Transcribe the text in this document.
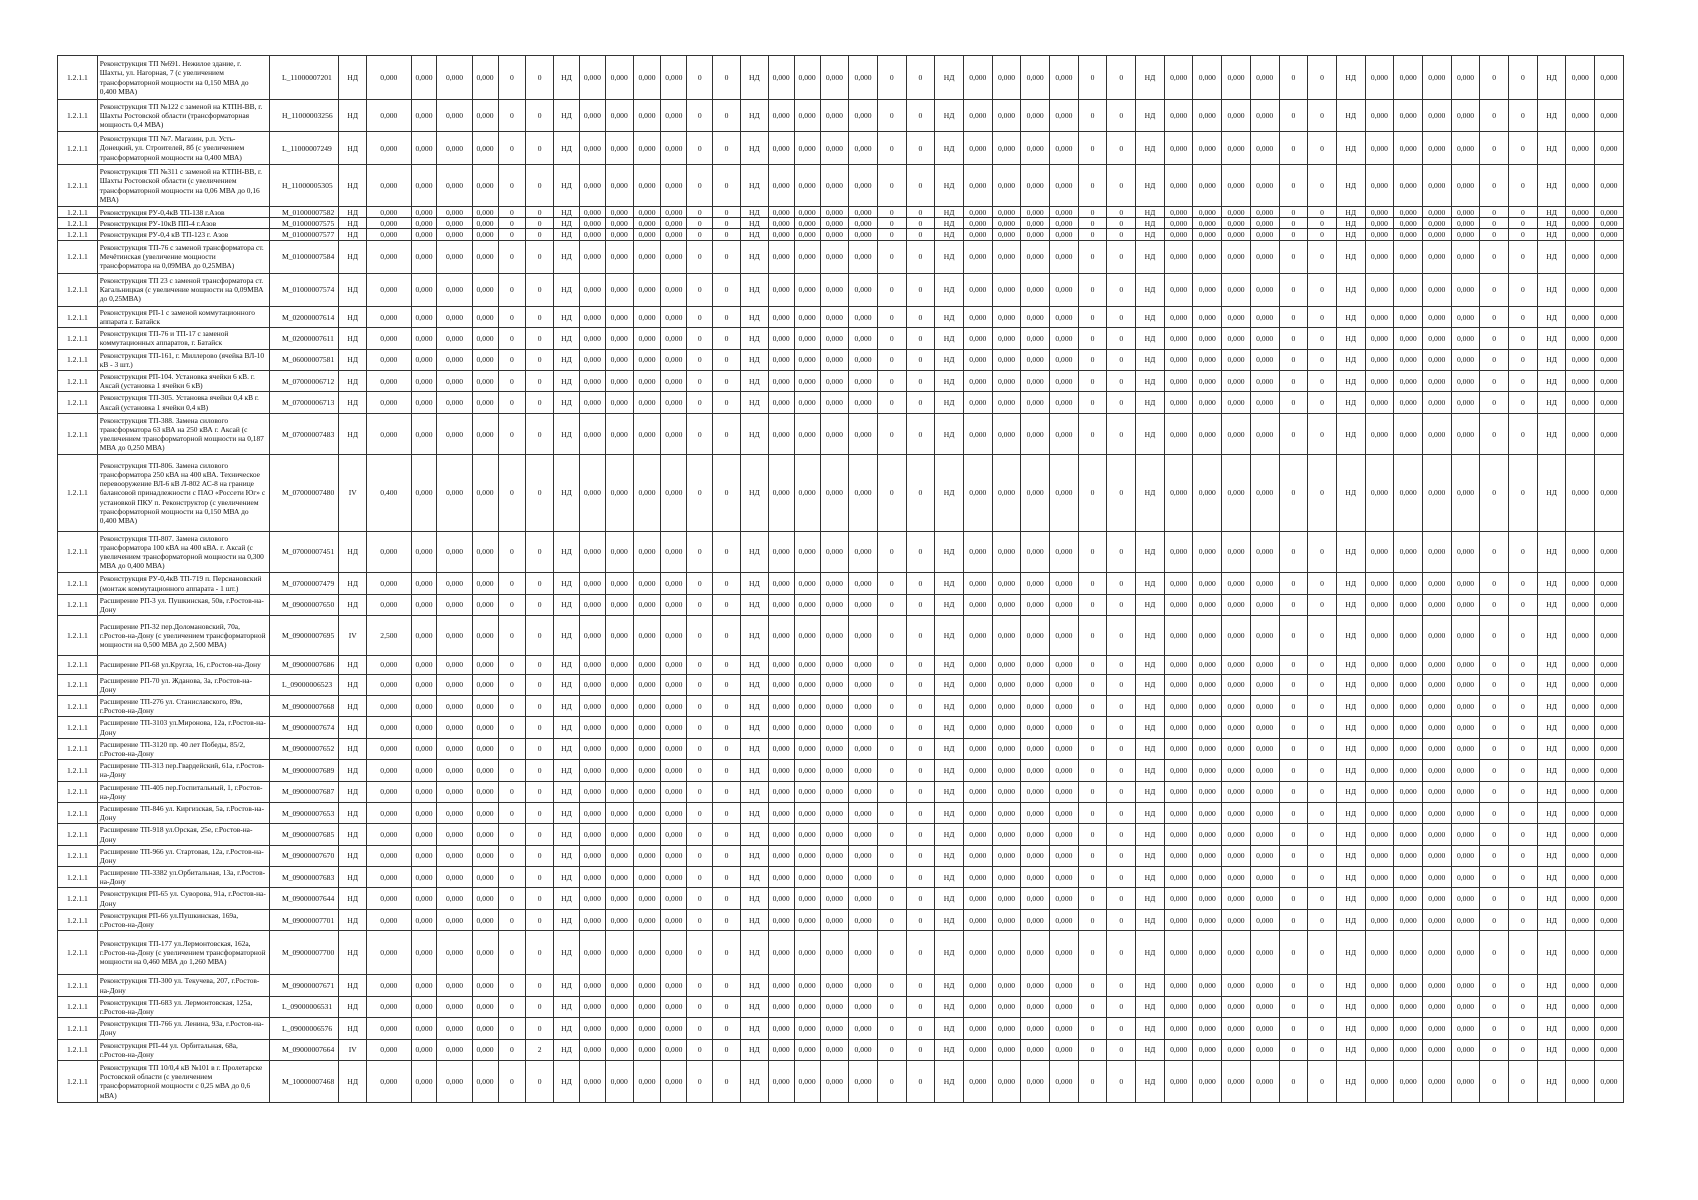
1.2.1.1	Реконструкция ТП №691. Нежилое здание, г. Шахты, ул. Нагорная, 7 (с увеличением трансформаторной мощности на 0,150 МВА до 0,400 МВА)	L_11000007201	НД	0,000	0,000	0,000	0,000	0	0	НД	0,000	0,000	0,000	0,000	0	0	НД	0,000	0,000	0,000	0,000	0	0	НД	0,000	0,000	0,000	0,000	0	0	НД	0,000	0,000	0,000	0,000	0	0	НД	0,000	0,000	0,000	0,000	0	0	НД	0,000	0,000
1.2.1.1	Реконструкция ТП №122 с заменой на КТПН-ВВ, г. Шахты Ростовской области (трансформаторная мощность 0,4 МВА)	H_11000003256	НД	0,000	0,000	0,000	0,000	0	0	НД	0,000	0,000	0,000	0,000	0	0	НД	0,000	0,000	0,000	0,000	0	0	НД	0,000	0,000	0,000	0,000	0	0	НД	0,000	0,000	0,000	0,000	0	0	НД	0,000	0,000	0,000	0,000	0	0	НД	0,000	0,000
1.2.1.1	Реконструкция ТП №7. Магазин, р.п. Усть-Донецкий, ул. Строителей, 8б (с увеличением трансформаторной мощности на 0,400 МВА)	L_11000007249	НД	0,000	0,000	0,000	0,000	0	0	НД	0,000	0,000	0,000	0,000	0	0	НД	0,000	0,000	0,000	0,000	0	0	НД	0,000	0,000	0,000	0,000	0	0	НД	0,000	0,000	0,000	0,000	0	0	НД	0,000	0,000	0,000	0,000	0	0	НД	0,000	0,000
1.2.1.1	Реконструкция ТП №311 с заменой на КТПН-ВВ, г. Шахты Ростовской области (с увеличением трансформаторной мощности на 0,06 МВА до 0,16 МВА)	H_11000005305	НД	0,000	0,000	0,000	0,000	0	0	НД	0,000	0,000	0,000	0,000	0	0	НД	0,000	0,000	0,000	0,000	0	0	НД	0,000	0,000	0,000	0,000	0	0	НД	0,000	0,000	0,000	0,000	0	0	НД	0,000	0,000	0,000	0,000	0	0	НД	0,000	0,000
1.2.1.1	Реконструкция РУ-0,4кВ ТП-138 г.Азов	M_01000007582	НД	0,000	0,000	0,000	0,000	0	0	НД	0,000	0,000	0,000	0,000	0	0	НД	0,000	0,000	0,000	0,000	0	0	НД	0,000	0,000	0,000	0,000	0	0	НД	0,000	0,000	0,000	0,000	0	0	НД	0,000	0,000	0,000	0,000	0	0	НД	0,000	0,000
1.2.1.1	Реконструкция РУ-10кВ ПП-4 г.Азов	M_01000007575	НД	0,000	0,000	0,000	0,000	0	0	НД	0,000	0,000	0,000	0,000	0	0	НД	0,000	0,000	0,000	0,000	0	0	НД	0,000	0,000	0,000	0,000	0	0	НД	0,000	0,000	0,000	0,000	0	0	НД	0,000	0,000	0,000	0,000	0	0	НД	0,000	0,000
1.2.1.1	Реконструкция РУ-0,4 кВ ТП-123 г. Азов	M_01000007577	НД	0,000	0,000	0,000	0,000	0	0	НД	0,000	0,000	0,000	0,000	0	0	НД	0,000	0,000	0,000	0,000	0	0	НД	0,000	0,000	0,000	0,000	0	0	НД	0,000	0,000	0,000	0,000	0	0	НД	0,000	0,000	0,000	0,000	0	0	НД	0,000	0,000
1.2.1.1	Реконструкция ТП-76 с заменой трансформатора ст. Мечётинская (увеличение мощности трансформатора на 0,09МВА до 0,25МВА)	M_01000007584	НД	0,000	0,000	0,000	0,000	0	0	НД	0,000	0,000	0,000	0,000	0	0	НД	0,000	0,000	0,000	0,000	0	0	НД	0,000	0,000	0,000	0,000	0	0	НД	0,000	0,000	0,000	0,000	0	0	НД	0,000	0,000	0,000	0,000	0	0	НД	0,000	0,000
1.2.1.1	Реконструкция ТП 23 с заменой трансформатора ст. Кагальницкая (с увеличение мощности на 0,09МВА до 0,25МВА)	M_01000007574	НД	0,000	0,000	0,000	0,000	0	0	НД	0,000	0,000	0,000	0,000	0	0	НД	0,000	0,000	0,000	0,000	0	0	НД	0,000	0,000	0,000	0,000	0	0	НД	0,000	0,000	0,000	0,000	0	0	НД	0,000	0,000	0,000	0,000	0	0	НД	0,000	0,000
1.2.1.1	Реконструкция РП-1 с заменой коммутационного аппарата г. Батайск	M_02000007614	НД	0,000	0,000	0,000	0,000	0	0	НД	0,000	0,000	0,000	0,000	0	0	НД	0,000	0,000	0,000	0,000	0	0	НД	0,000	0,000	0,000	0,000	0	0	НД	0,000	0,000	0,000	0,000	0	0	НД	0,000	0,000	0,000	0,000	0	0	НД	0,000	0,000
1.2.1.1	Реконструкция ТП-76 и ТП-17 с заменой коммутационных аппаратов, г. Батайск	M_02000007611	НД	0,000	0,000	0,000	0,000	0	0	НД	0,000	0,000	0,000	0,000	0	0	НД	0,000	0,000	0,000	0,000	0	0	НД	0,000	0,000	0,000	0,000	0	0	НД	0,000	0,000	0,000	0,000	0	0	НД	0,000	0,000	0,000	0,000	0	0	НД	0,000	0,000
1.2.1.1	Реконструкция ТП-161, г. Миллерово (ячейка ВЛ-10 кВ - 3 шт.)	M_06000007581	НД	0,000	0,000	0,000	0,000	0	0	НД	0,000	0,000	0,000	0,000	0	0	НД	0,000	0,000	0,000	0,000	0	0	НД	0,000	0,000	0,000	0,000	0	0	НД	0,000	0,000	0,000	0,000	0	0	НД	0,000	0,000	0,000	0,000	0	0	НД	0,000	0,000
1.2.1.1	Реконструкция РП-104. Установка ячейки 6 кВ. г. Аксай (установка 1 ячейки 6 кВ)	M_07000006712	НД	0,000	0,000	0,000	0,000	0	0	НД	0,000	0,000	0,000	0,000	0	0	НД	0,000	0,000	0,000	0,000	0	0	НД	0,000	0,000	0,000	0,000	0	0	НД	0,000	0,000	0,000	0,000	0	0	НД	0,000	0,000	0,000	0,000	0	0	НД	0,000	0,000
1.2.1.1	Реконструкция ТП-305. Установка ячейки 0,4 кВ г. Аксай (установка 1 ячейки 0,4 кВ)	M_07000006713	НД	0,000	0,000	0,000	0,000	0	0	НД	0,000	0,000	0,000	0,000	0	0	НД	0,000	0,000	0,000	0,000	0	0	НД	0,000	0,000	0,000	0,000	0	0	НД	0,000	0,000	0,000	0,000	0	0	НД	0,000	0,000	0,000	0,000	0	0	НД	0,000	0,000
1.2.1.1	Реконструкция ТП-388. Замена силового трансформатора 63 кВА на 250 кВА г. Аксай (с увеличением трансформаторной мощности на 0,187 МВА до 0,250 МВА)	M_07000007483	НД	0,000	0,000	0,000	0,000	0	0	НД	0,000	0,000	0,000	0,000	0	0	НД	0,000	0,000	0,000	0,000	0	0	НД	0,000	0,000	0,000	0,000	0	0	НД	0,000	0,000	0,000	0,000	0	0	НД	0,000	0,000	0,000	0,000	0	0	НД	0,000	0,000
1.2.1.1	Реконструкция ТП-806. Замена силового трансформатора 250 кВА на 400 кВА. Техническое перевооружение ВЛ-6 кВ Л-802 АС-8 на границе балансовой принадлежности с ПАО «Россети Юг» с установкой ПКУ п. Реконструктор (с увеличением трансформаторной мощности на 0,150 МВА до 0,400 МВА)	M_07000007480	IV	0,400	0,000	0,000	0,000	0	0	НД	0,000	0,000	0,000	0,000	0	0	НД	0,000	0,000	0,000	0,000	0	0	НД	0,000	0,000	0,000	0,000	0	0	НД	0,000	0,000	0,000	0,000	0	0	НД	0,000	0,000	0,000	0,000	0	0	НД	0,000	0,000
1.2.1.1	Реконструкция ТП-807. Замена силового трансформатора 100 кВА на 400 кВА. г. Аксай (с увеличением трансформаторной мощности на 0,300 МВА до 0,400 МВА)	M_07000007451	НД	0,000	0,000	0,000	0,000	0	0	НД	0,000	0,000	0,000	0,000	0	0	НД	0,000	0,000	0,000	0,000	0	0	НД	0,000	0,000	0,000	0,000	0	0	НД	0,000	0,000	0,000	0,000	0	0	НД	0,000	0,000	0,000	0,000	0	0	НД	0,000	0,000
1.2.1.1	Реконструкция РУ-0,4кВ ТП-719 п. Персиановский (монтаж коммутационного аппарата - 1 шт.)	M_07000007479	НД	0,000	0,000	0,000	0,000	0	0	НД	0,000	0,000	0,000	0,000	0	0	НД	0,000	0,000	0,000	0,000	0	0	НД	0,000	0,000	0,000	0,000	0	0	НД	0,000	0,000	0,000	0,000	0	0	НД	0,000	0,000	0,000	0,000	0	0	НД	0,000	0,000
1.2.1.1	Расширение РП-3 ул. Пушкинская, 50в, г.Ростов-на-Дону	M_09000007650	НД	0,000	0,000	0,000	0,000	0	0	НД	0,000	0,000	0,000	0,000	0	0	НД	0,000	0,000	0,000	0,000	0	0	НД	0,000	0,000	0,000	0,000	0	0	НД	0,000	0,000	0,000	0,000	0	0	НД	0,000	0,000	0,000	0,000	0	0	НД	0,000	0,000
1.2.1.1	Расширение РП-32 пер.Доломановский, 70а, г.Ростов-на-Дону (с увеличением трансформаторной мощности на 0,500 МВА до 2,500 МВА)	M_09000007695	IV	2,500	0,000	0,000	0,000	0	0	НД	0,000	0,000	0,000	0,000	0	0	НД	0,000	0,000	0,000	0,000	0	0	НД	0,000	0,000	0,000	0,000	0	0	НД	0,000	0,000	0,000	0,000	0	0	НД	0,000	0,000	0,000	0,000	0	0	НД	0,000	0,000
1.2.1.1	Расширение РП-68 ул.Кругла, 16, г.Ростов-на-Дону	M_09000007686	НД	0,000	0,000	0,000	0,000	0	0	НД	0,000	0,000	0,000	0,000	0	0	НД	0,000	0,000	0,000	0,000	0	0	НД	0,000	0,000	0,000	0,000	0	0	НД	0,000	0,000	0,000	0,000	0	0	НД	0,000	0,000	0,000	0,000	0	0	НД	0,000	0,000
1.2.1.1	Расширение РП-70 ул. Жданова, 3а, г.Ростов-на-Дону	L_09000006523	НД	0,000	0,000	0,000	0,000	0	0	НД	0,000	0,000	0,000	0,000	0	0	НД	0,000	0,000	0,000	0,000	0	0	НД	0,000	0,000	0,000	0,000	0	0	НД	0,000	0,000	0,000	0,000	0	0	НД	0,000	0,000	0,000	0,000	0	0	НД	0,000	0,000
1.2.1.1	Расширение ТП-276 ул. Станиславского, 89в, г.Ростов-на-Дону	M_09000007668	НД	0,000	0,000	0,000	0,000	0	0	НД	0,000	0,000	0,000	0,000	0	0	НД	0,000	0,000	0,000	0,000	0	0	НД	0,000	0,000	0,000	0,000	0	0	НД	0,000	0,000	0,000	0,000	0	0	НД	0,000	0,000	0,000	0,000	0	0	НД	0,000	0,000
1.2.1.1	Расширение ТП-3103 ул.Миронова, 12а, г.Ростов-на-Дону	M_09000007674	НД	0,000	0,000	0,000	0,000	0	0	НД	0,000	0,000	0,000	0,000	0	0	НД	0,000	0,000	0,000	0,000	0	0	НД	0,000	0,000	0,000	0,000	0	0	НД	0,000	0,000	0,000	0,000	0	0	НД	0,000	0,000	0,000	0,000	0	0	НД	0,000	0,000
1.2.1.1	Расширение ТП-3120 пр. 40 лет Победы, 85/2, г.Ростов-на-Дону	M_09000007652	НД	0,000	0,000	0,000	0,000	0	0	НД	0,000	0,000	0,000	0,000	0	0	НД	0,000	0,000	0,000	0,000	0	0	НД	0,000	0,000	0,000	0,000	0	0	НД	0,000	0,000	0,000	0,000	0	0	НД	0,000	0,000	0,000	0,000	0	0	НД	0,000	0,000
1.2.1.1	Расширение ТП-313 пер.Гвардейский, 61а, г.Ростов-на-Дону	M_09000007689	НД	0,000	0,000	0,000	0,000	0	0	НД	0,000	0,000	0,000	0,000	0	0	НД	0,000	0,000	0,000	0,000	0	0	НД	0,000	0,000	0,000	0,000	0	0	НД	0,000	0,000	0,000	0,000	0	0	НД	0,000	0,000	0,000	0,000	0	0	НД	0,000	0,000
1.2.1.1	Расширение ТП-405 пер.Госпитальный, 1, г.Ростов-на-Дону	M_09000007687	НД	0,000	0,000	0,000	0,000	0	0	НД	0,000	0,000	0,000	0,000	0	0	НД	0,000	0,000	0,000	0,000	0	0	НД	0,000	0,000	0,000	0,000	0	0	НД	0,000	0,000	0,000	0,000	0	0	НД	0,000	0,000	0,000	0,000	0	0	НД	0,000	0,000
1.2.1.1	Расширение ТП-846 ул. Киргизская, 5а, г.Ростов-на-Дону	M_09000007653	НД	0,000	0,000	0,000	0,000	0	0	НД	0,000	0,000	0,000	0,000	0	0	НД	0,000	0,000	0,000	0,000	0	0	НД	0,000	0,000	0,000	0,000	0	0	НД	0,000	0,000	0,000	0,000	0	0	НД	0,000	0,000	0,000	0,000	0	0	НД	0,000	0,000
1.2.1.1	Расширение ТП-918 ул.Орская, 25е, г.Ростов-на-Дону	M_09000007685	НД	0,000	0,000	0,000	0,000	0	0	НД	0,000	0,000	0,000	0,000	0	0	НД	0,000	0,000	0,000	0,000	0	0	НД	0,000	0,000	0,000	0,000	0	0	НД	0,000	0,000	0,000	0,000	0	0	НД	0,000	0,000	0,000	0,000	0	0	НД	0,000	0,000
1.2.1.1	Расширение ТП-966 ул. Стартовая, 12а, г.Ростов-на-Дону	M_09000007670	НД	0,000	0,000	0,000	0,000	0	0	НД	0,000	0,000	0,000	0,000	0	0	НД	0,000	0,000	0,000	0,000	0	0	НД	0,000	0,000	0,000	0,000	0	0	НД	0,000	0,000	0,000	0,000	0	0	НД	0,000	0,000	0,000	0,000	0	0	НД	0,000	0,000
1.2.1.1	Расширение ТП-3382 ул.Орбитальная, 13а, г.Ростов-на-Дону	M_09000007683	НД	0,000	0,000	0,000	0,000	0	0	НД	0,000	0,000	0,000	0,000	0	0	НД	0,000	0,000	0,000	0,000	0	0	НД	0,000	0,000	0,000	0,000	0	0	НД	0,000	0,000	0,000	0,000	0	0	НД	0,000	0,000	0,000	0,000	0	0	НД	0,000	0,000
1.2.1.1	Реконструкция РП-65 ул. Суворова, 91а, г.Ростов-на-Дону	M_09000007644	НД	0,000	0,000	0,000	0,000	0	0	НД	0,000	0,000	0,000	0,000	0	0	НД	0,000	0,000	0,000	0,000	0	0	НД	0,000	0,000	0,000	0,000	0	0	НД	0,000	0,000	0,000	0,000	0	0	НД	0,000	0,000	0,000	0,000	0	0	НД	0,000	0,000
1.2.1.1	Реконструкция РП-66 ул.Пушкинская, 169а, г.Ростов-на-Дону	M_09000007701	НД	0,000	0,000	0,000	0,000	0	0	НД	0,000	0,000	0,000	0,000	0	0	НД	0,000	0,000	0,000	0,000	0	0	НД	0,000	0,000	0,000	0,000	0	0	НД	0,000	0,000	0,000	0,000	0	0	НД	0,000	0,000	0,000	0,000	0	0	НД	0,000	0,000
1.2.1.1	Реконструкция ТП-177 ул.Лермонтовская, 162а, г.Ростов-на-Дону (с увеличением трансформаторной мощности на 0,460 МВА до 1,260 МВА)	M_09000007700	НД	0,000	0,000	0,000	0,000	0	0	НД	0,000	0,000	0,000	0,000	0	0	НД	0,000	0,000	0,000	0,000	0	0	НД	0,000	0,000	0,000	0,000	0	0	НД	0,000	0,000	0,000	0,000	0	0	НД	0,000	0,000	0,000	0,000	0	0	НД	0,000	0,000
1.2.1.1	Реконструкция ТП-300 ул. Текучева, 207, г.Ростов-на-Дону	M_09000007671	НД	0,000	0,000	0,000	0,000	0	0	НД	0,000	0,000	0,000	0,000	0	0	НД	0,000	0,000	0,000	0,000	0	0	НД	0,000	0,000	0,000	0,000	0	0	НД	0,000	0,000	0,000	0,000	0	0	НД	0,000	0,000	0,000	0,000	0	0	НД	0,000	0,000
1.2.1.1	Реконструкция ТП-683 ул. Лермонтовская, 125а, г.Ростов-на-Дону	L_09000006531	НД	0,000	0,000	0,000	0,000	0	0	НД	0,000	0,000	0,000	0,000	0	0	НД	0,000	0,000	0,000	0,000	0	0	НД	0,000	0,000	0,000	0,000	0	0	НД	0,000	0,000	0,000	0,000	0	0	НД	0,000	0,000	0,000	0,000	0	0	НД	0,000	0,000
1.2.1.1	Реконструкция ТП-766 ул. Ленина, 93а, г.Ростов-на-Дону	L_09000006576	НД	0,000	0,000	0,000	0,000	0	0	НД	0,000	0,000	0,000	0,000	0	0	НД	0,000	0,000	0,000	0,000	0	0	НД	0,000	0,000	0,000	0,000	0	0	НД	0,000	0,000	0,000	0,000	0	0	НД	0,000	0,000	0,000	0,000	0	0	НД	0,000	0,000
1.2.1.1	Реконструкция РП-44 ул. Орбитальная, 68а, г.Ростов-на-Дону	M_09000007664	IV	0,000	0,000	0,000	0,000	0	2	НД	0,000	0,000	0,000	0,000	0	0	НД	0,000	0,000	0,000	0,000	0	0	НД	0,000	0,000	0,000	0,000	0	0	НД	0,000	0,000	0,000	0,000	0	0	НД	0,000	0,000	0,000	0,000	0	0	НД	0,000	0,000
1.2.1.1	Реконструкция ТП 10/0,4 кВ №101 в г. Пролетарске Ростовской области (с увеличением трансформаторной мощности с 0,25 мВА до 0,6 мВА)	M_10000007468	НД	0,000	0,000	0,000	0,000	0	0	НД	0,000	0,000	0,000	0,000	0	0	НД	0,000	0,000	0,000	0,000	0	0	НД	0,000	0,000	0,000	0,000	0	0	НД	0,000	0,000	0,000	0,000	0	0	НД	0,000	0,000	0,000	0,000	0	0	НД	0,000	0,000
